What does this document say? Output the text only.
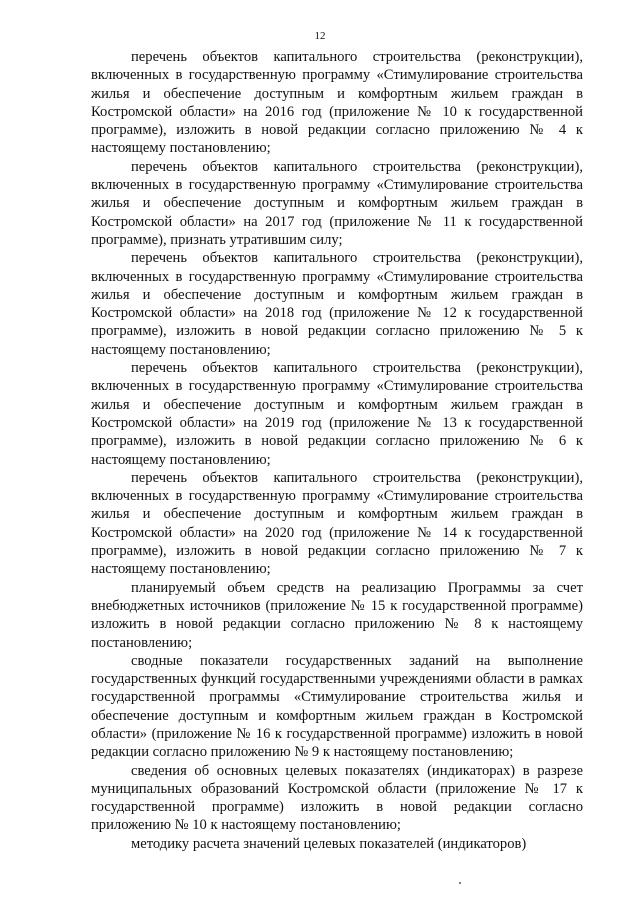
12

перечень объектов капитального строительства (реконструкции), включенных в государственную программу «Стимулирование строительства жилья и обеспечение доступным и комфортным жильем граждан в Костромской области» на 2016 год (приложение № 10 к государственной программе), изложить в новой редакции согласно приложению № 4 к настоящему постановлению;

перечень объектов капитального строительства (реконструкции), включенных в государственную программу «Стимулирование строительства жилья и обеспечение доступным и комфортным жильем граждан в Костромской области» на 2017 год (приложение № 11 к государственной программе), признать утратившим силу;

перечень объектов капитального строительства (реконструкции), включенных в государственную программу «Стимулирование строительства жилья и обеспечение доступным и комфортным жильем граждан в Костромской области» на 2018 год (приложение № 12 к государственной программе), изложить в новой редакции согласно приложению № 5 к настоящему постановлению;

перечень объектов капитального строительства (реконструкции), включенных в государственную программу «Стимулирование строительства жилья и обеспечение доступным и комфортным жильем граждан в Костромской области» на 2019 год (приложение № 13 к государственной программе), изложить в новой редакции согласно приложению № 6 к настоящему постановлению;

перечень объектов капитального строительства (реконструкции), включенных в государственную программу «Стимулирование строительства жилья и обеспечение доступным и комфортным жильем граждан в Костромской области» на 2020 год (приложение № 14 к государственной программе), изложить в новой редакции согласно приложению № 7 к настоящему постановлению;

планируемый объем средств на реализацию Программы за счет внебюджетных источников (приложение № 15 к государственной программе) изложить в новой редакции согласно приложению № 8 к настоящему постановлению;

сводные показатели государственных заданий на выполнение государственных функций государственными учреждениями области в рамках государственной программы «Стимулирование строительства жилья и обеспечение доступным и комфортным жильем граждан в Костромской области» (приложение № 16 к государственной программе) изложить в новой редакции согласно приложению № 9 к настоящему постановлению;

сведения об основных целевых показателях (индикаторах) в разрезе муниципальных образований Костромской области (приложение № 17 к государственной программе) изложить в новой редакции согласно приложению № 10 к настоящему постановлению;

методику расчета значений целевых показателей (индикаторов)
